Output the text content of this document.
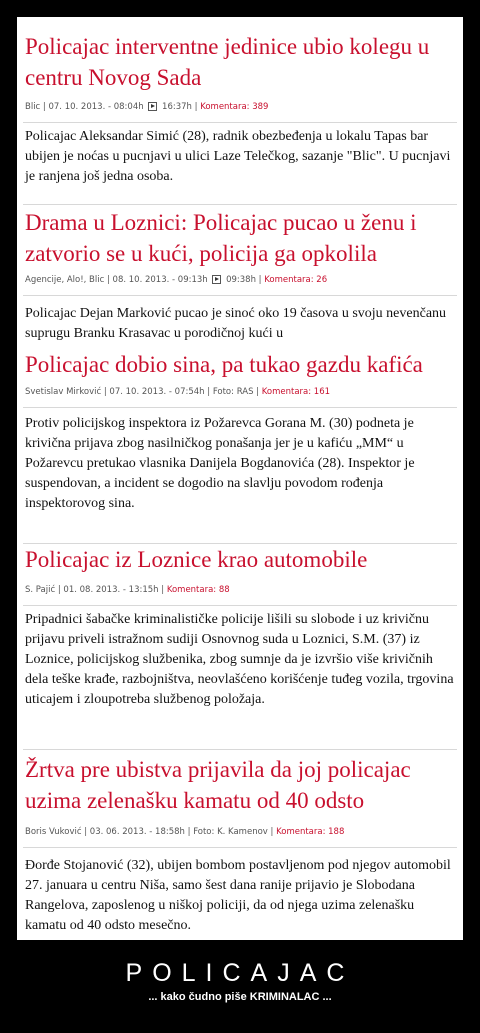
Policajac interventne jedinice ubio kolegu u centru Novog Sada
Blic | 07. 10. 2013. - 08:04h 16:37h | Komentara: 389

Policajac Aleksandar Simić (28), radnik obezbeđenja u lokalu Tapas bar ubijen je noćas u pucnjavi u ulici Laze Telečkog, sazanje "Blic". U pucnjavi je ranjena još jedna osoba.

Drama u Loznici: Policajac pucao u ženu i zatvorio se u kući, policija ga opkolila
Agencije, Alo!, Blic | 08. 10. 2013. - 09:13h 09:38h | Komentara: 26

Policajac Dejan Marković pucao je sinoć oko 19 časova u svoju nevenčanu suprugu Branku Krasavac u porodičnoj kući u

Policajac dobio sina, pa tukao gazdu kafića
Svetislav Mirković | 07. 10. 2013. - 07:54h | Foto: RAS | Komentara: 161

Protiv policijskog inspektora iz Požarevca Gorana M. (30) podneta je krivična prijava zbog nasilničkog ponašanja jer je u kafiću „MM“ u Požarevcu pretukao vlasnika Danijela Bogdanovića (28). Inspektor je suspendovan, a incident se dogodio na slavlju povodom rođenja inspektorovog sina.

Policajac iz Loznice krao automobile
S. Pajić | 01. 08. 2013. - 13:15h | Komentara: 88

Pripadnici šabačke kriminalističke policije lišili su slobode i uz krivičnu prijavu priveli istražnom sudiji Osnovnog suda u Loznici, S.M. (37) iz Loznice, policijskog službenika, zbog sumnje da je izvršio više krivičnih dela teške krađe, razbojništva, neovlašćeno korišćenje tuđeg vozila, trgovina uticajem i zloupotreba službenog položaja.

Žrtva pre ubistva prijavila da joj policajac uzima zelenašku kamatu od 40 odsto
Boris Vuković | 03. 06. 2013. - 18:58h | Foto: K. Kamenov | Komentara: 188

Đorđe Stojanović (32), ubijen bombom postavljenom pod njegov automobil 27. januara u centru Niša, samo šest dana ranije prijavio je Slobodana Rangelova, zaposlenog u niškoj policiji, da od njega uzima zelenašku kamatu od 40 odsto mesečno.

POLICAJAC
... kako čudno piše KRIMINALAC ...
